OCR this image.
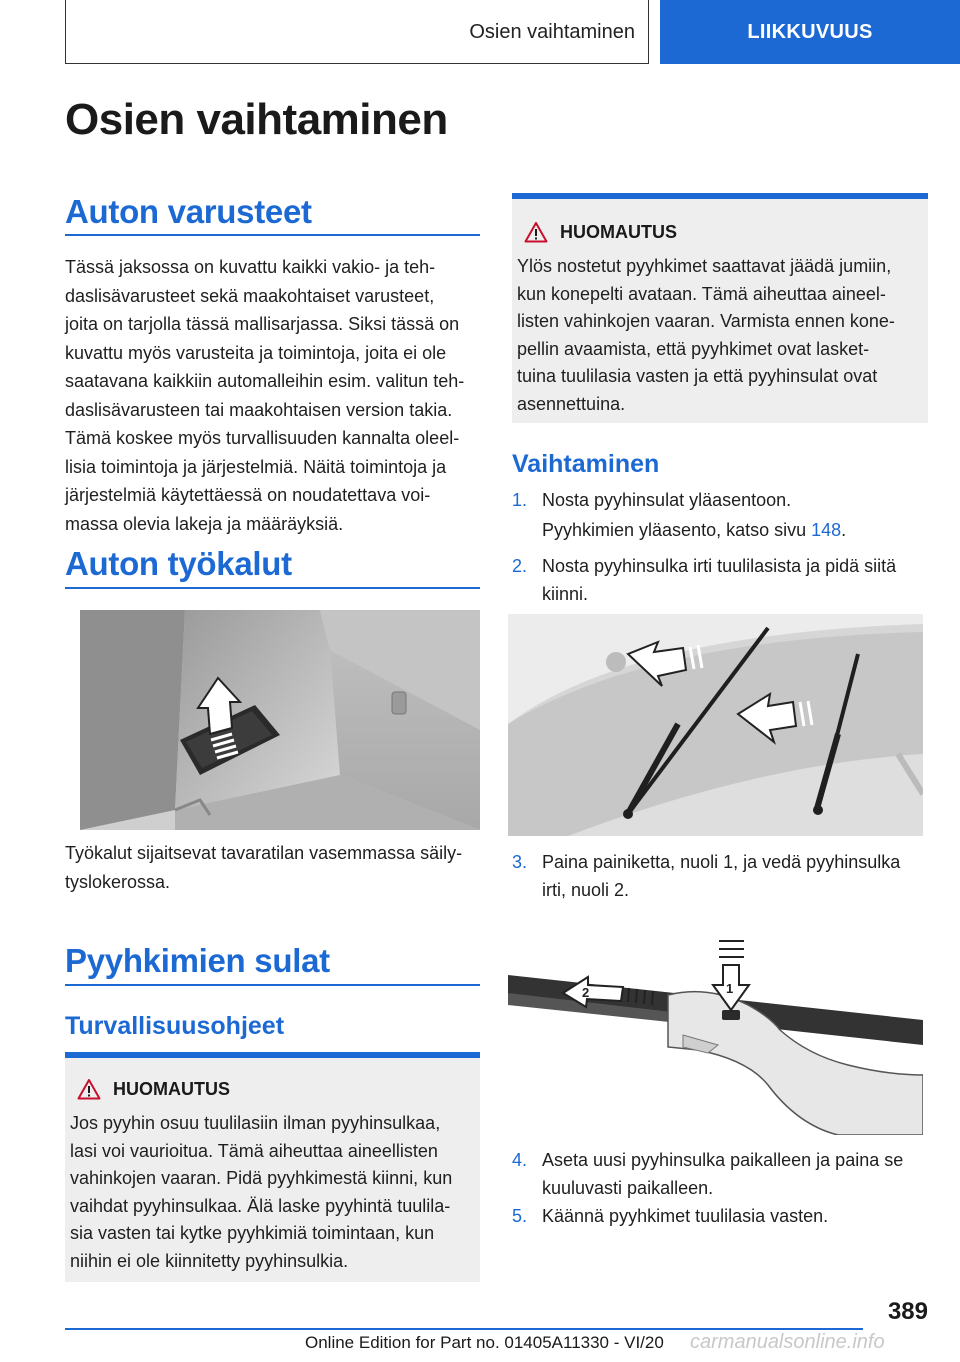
Osien vaihtaminen	LIIKKUVUUS
Osien vaihtaminen
Auton varusteet
Tässä jaksossa on kuvattu kaikki vakio- ja teh-
daslisävarusteet sekä maakohtaiset varusteet,
joita on tarjolla tässä mallisarjassa. Siksi tässä on
kuvattu myös varusteita ja toimintoja, joita ei ole
saatavana kaikkiin automalleihin esim. valitun teh-
daslisävarusteen tai maakohtaisen version takia.
Tämä koskee myös turvallisuuden kannalta oleel-
lisia toimintoja ja järjestelmiä. Näitä toimintoja ja
järjestelmiä käytettäessä on noudatettava voi-
massa olevia lakeja ja määräyksiä.
Auton työkalut
Työkalut sijaitsevat tavaratilan vasemmassa säily-
tyslokerossa.
Pyyhkimien sulat
Turvallisuusohjeet
HUOMAUTUS
Jos pyyhin osuu tuulilasiin ilman pyyhinsulkaa,
lasi voi vaurioitua. Tämä aiheuttaa aineellisten
vahinkojen vaaran. Pidä pyyhkimestä kiinni, kun
vaihdat pyyhinsulkaa. Älä laske pyyhintä tuulila-
sia vasten tai kytke pyyhkimiä toimintaan, kun
niihin ei ole kiinnitetty pyyhinsulkia.
HUOMAUTUS
Ylös nostetut pyyhkimet saattavat jäädä jumiin,
kun konepelti avataan. Tämä aiheuttaa aineel-
listen vahinkojen vaaran. Varmista ennen kone-
pellin avaamista, että pyyhkimet ovat lasket-
tuina tuulilasia vasten ja että pyyhinsulat ovat
asennettuina.
Vaihtaminen
1. Nosta pyyhinsulat yläasentoon.
Pyyhkimien yläasento, katso sivu 148.
2. Nosta pyyhinsulka irti tuulilasista ja pidä siitä kiinni.
3. Paina painiketta, nuoli 1, ja vedä pyyhinsulka irti, nuoli 2.
1
2
4. Aseta uusi pyyhinsulka paikalleen ja paina se kuuluvasti paikalleen.
5. Käännä pyyhkimet tuulilasia vasten.
389
Online Edition for Part no. 01405A11330 - VI/20 carmanualsonline.info
